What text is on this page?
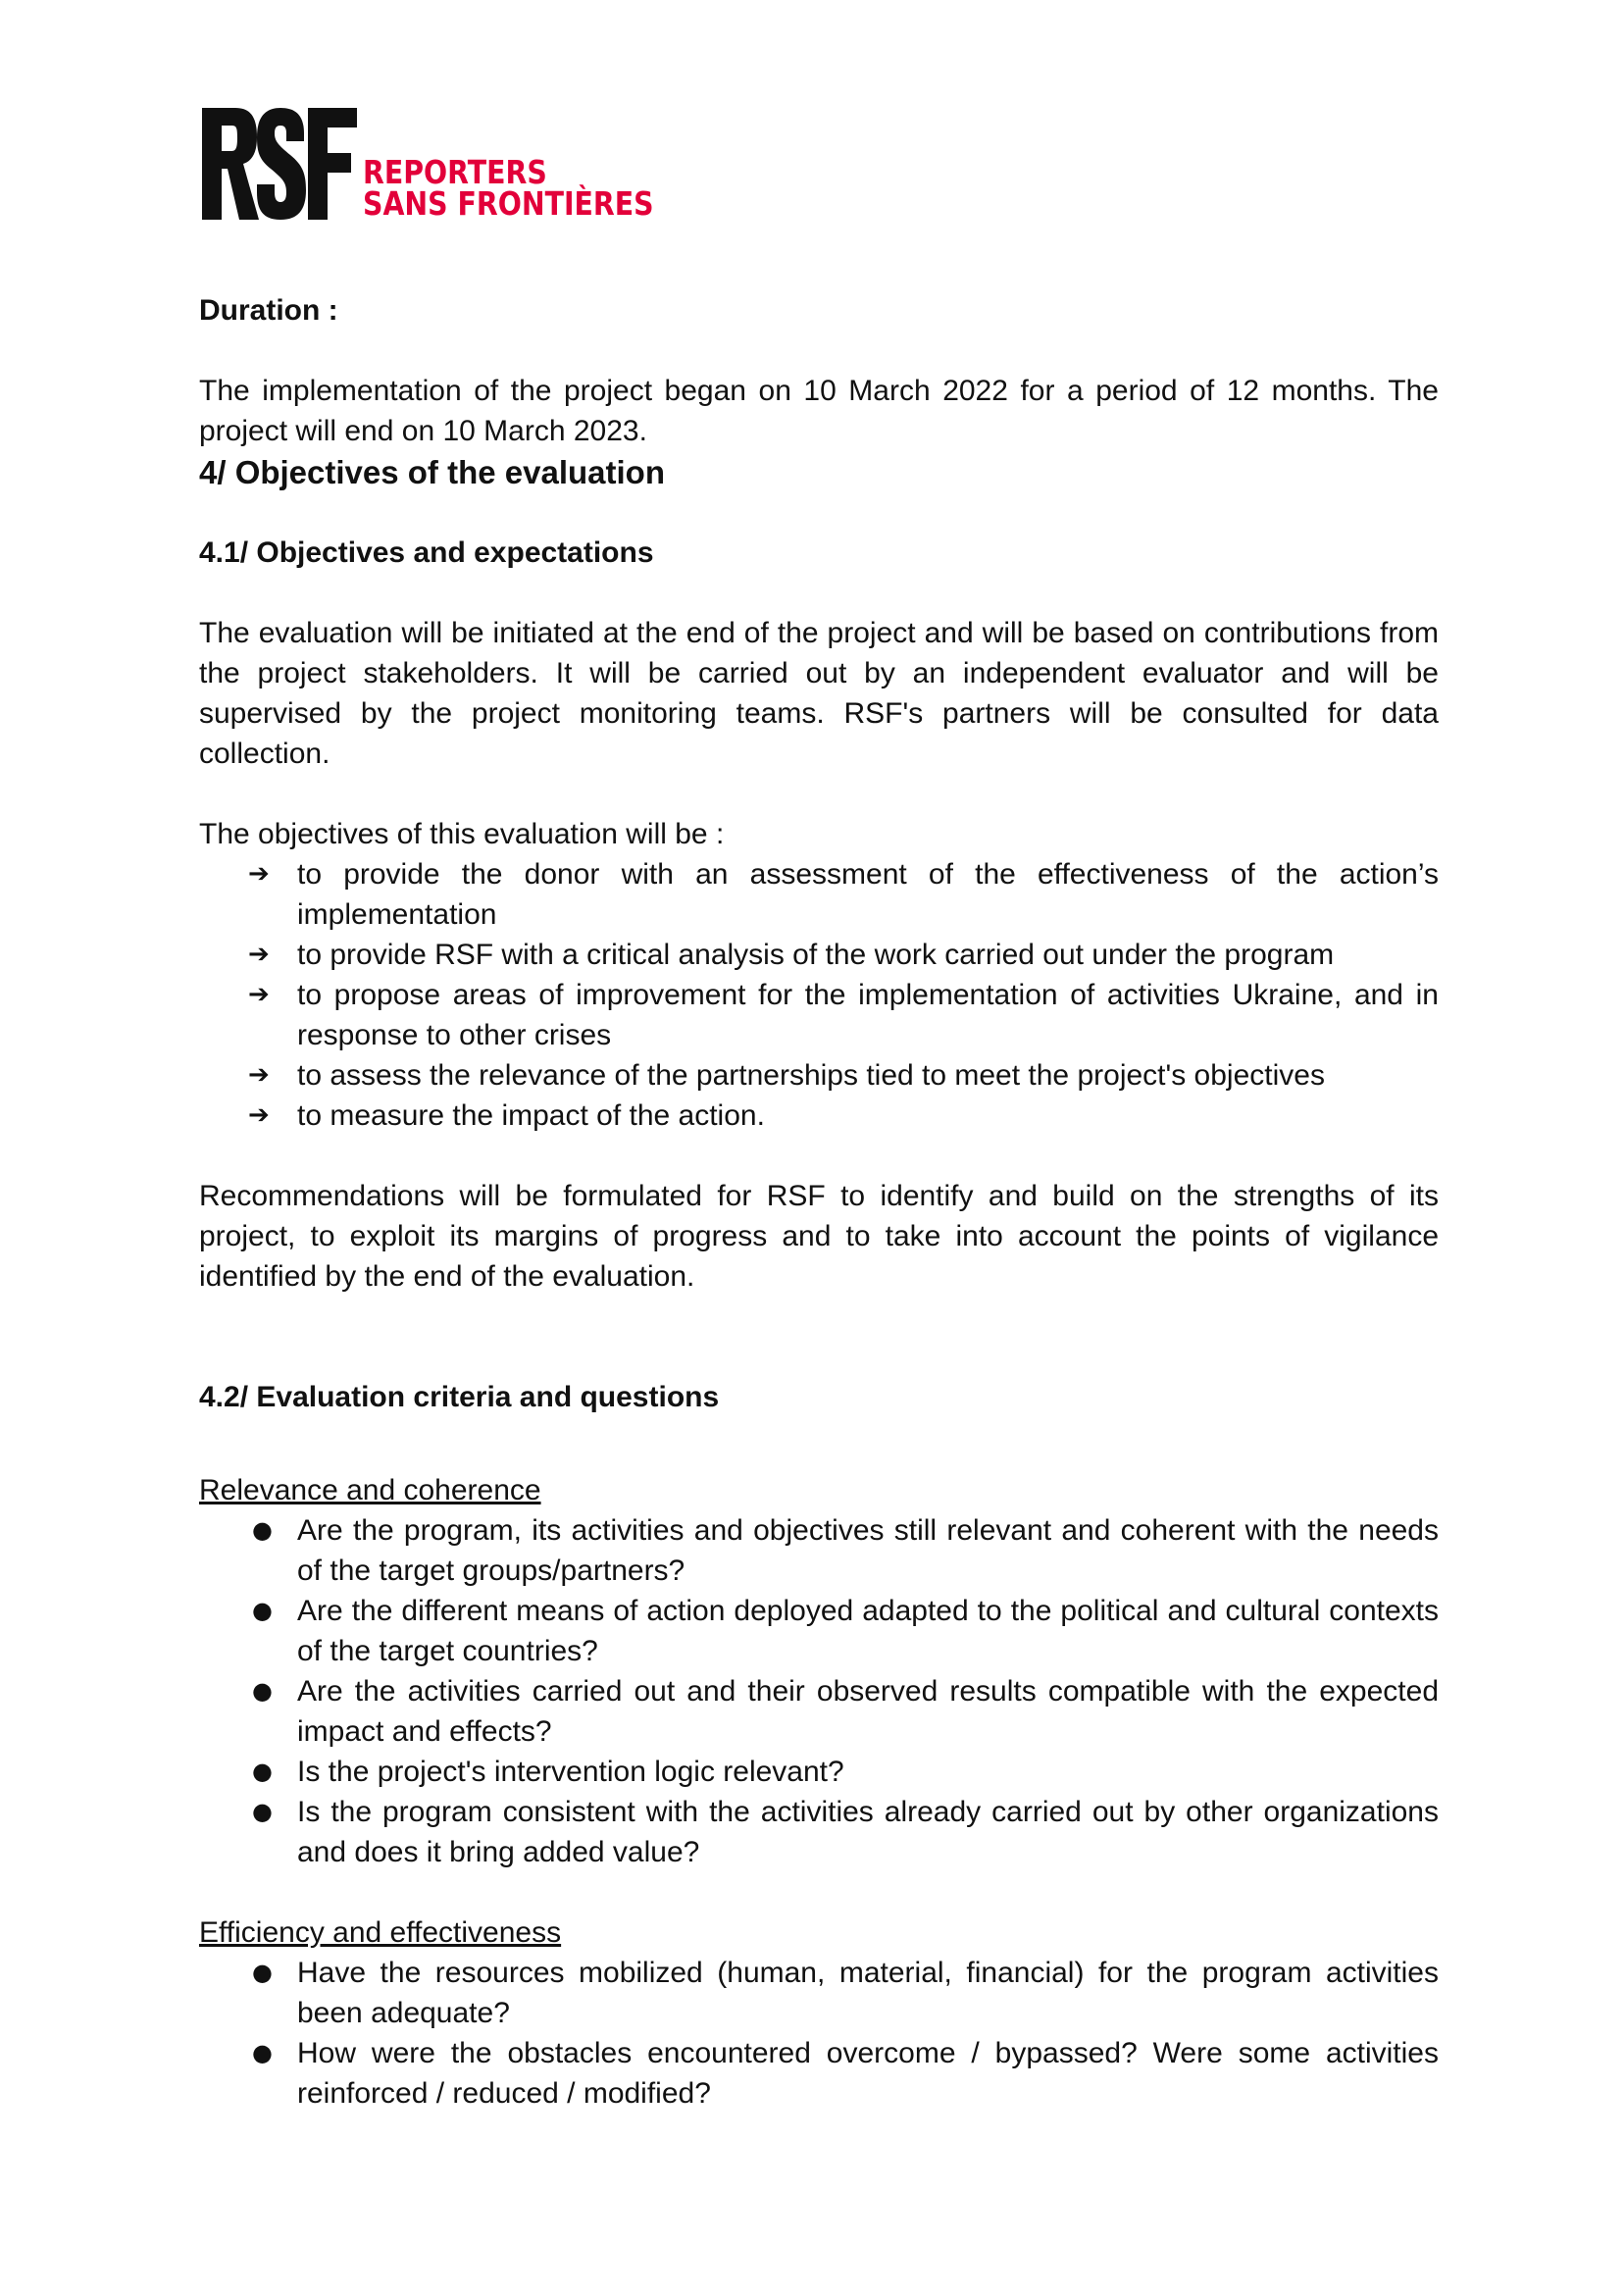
REPORTERS
SANS FRONTIÈRES

Duration :

The implementation of the project began on 10 March 2022 for a period of 12 months. The project will end on 10 March 2023.

4/ Objectives of the evaluation

4.1/ Objectives and expectations

The evaluation will be initiated at the end of the project and will be based on contributions from the project stakeholders. It will be carried out by an independent evaluator and will be supervised by the project monitoring teams. RSF's partners will be consulted for data collection.

The objectives of this evaluation will be :

➔ to provide the donor with an assessment of the effectiveness of the action’s implementation
➔ to provide RSF with a critical analysis of the work carried out under the program
➔ to propose areas of improvement for the implementation of activities Ukraine, and in response to other crises
➔ to assess the relevance of the partnerships tied to meet the project's objectives
➔ to measure the impact of the action.

Recommendations will be formulated for RSF to identify and build on the strengths of its project, to exploit its margins of progress and to take into account the points of vigilance identified by the end of the evaluation.

4.2/ Evaluation criteria and questions

Relevance and coherence

● Are the program, its activities and objectives still relevant and coherent with the needs of the target groups/partners?
● Are the different means of action deployed adapted to the political and cultural contexts of the target countries?
● Are the activities carried out and their observed results compatible with the expected impact and effects?
● Is the project's intervention logic relevant?
● Is the program consistent with the activities already carried out by other organizations and does it bring added value?

Efficiency and effectiveness

● Have the resources mobilized (human, material, financial) for the program activities been adequate?
● How were the obstacles encountered overcome / bypassed? Were some activities reinforced / reduced / modified?
